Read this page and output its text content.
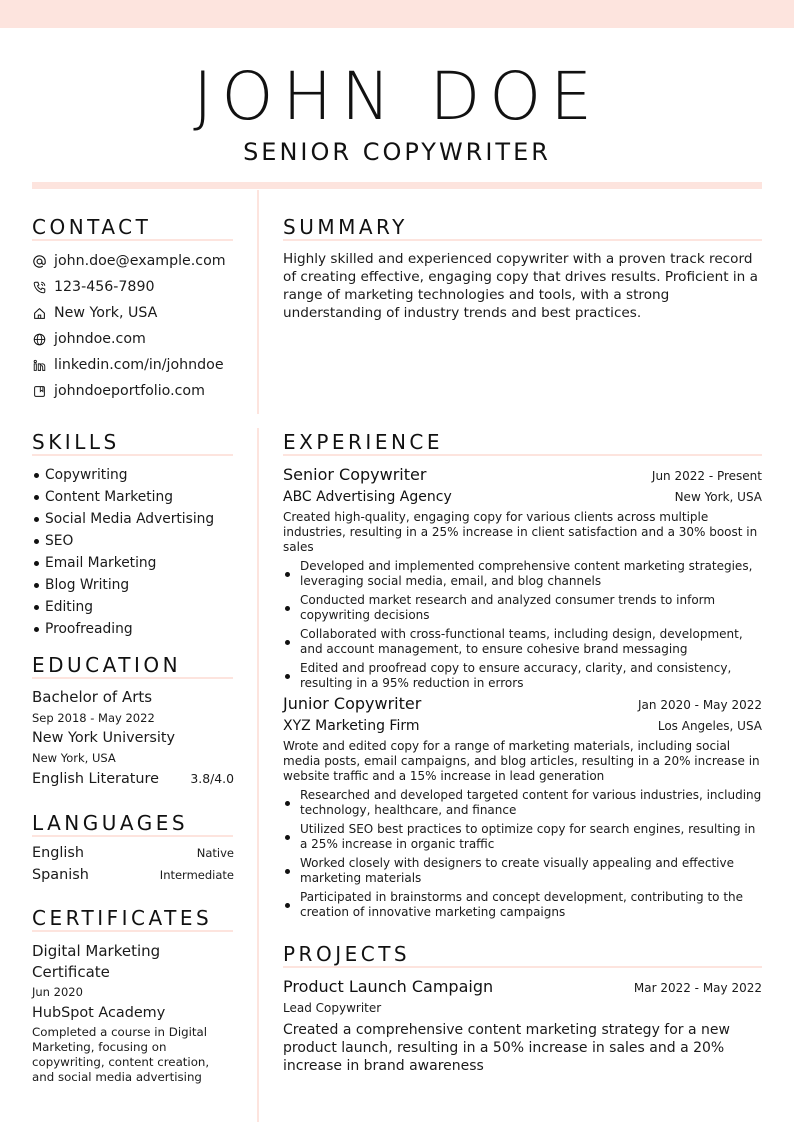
JOHN DOE
SENIOR COPYWRITER
CONTACT
john.doe@example.com
123-456-7890
New York, USA
johndoe.com
linkedin.com/in/johndoe
johndoeportfolio.com
SUMMARY

Highly skilled and experienced copywriter with a proven track record of creating effective, engaging copy that drives results. Proficient in a range of marketing technologies and tools, with a strong understanding of industry trends and best practices.

SKILLS
Copywriting
Content Marketing
Social Media Advertising
SEO
Email Marketing
Blog Writing
Editing
Proofreading
EDUCATION
Bachelor of Arts
Sep 2018 - May 2022
New York University
New York, USA
English Literature	3.8/4.0
LANGUAGES
English	Native
Spanish	Intermediate
CERTIFICATES
Digital Marketing Certificate
Jun 2020
HubSpot Academy
Completed a course in Digital Marketing, focusing on copywriting, content creation, and social media advertising
EXPERIENCE
Senior Copywriter	Jun 2022 - Present
ABC Advertising Agency	New York, USA

Created high-quality, engaging copy for various clients across multiple industries, resulting in a 25% increase in client satisfaction and a 30% boost in sales

Developed and implemented comprehensive content marketing strategies, leveraging social media, email, and blog channels
Conducted market research and analyzed consumer trends to inform copywriting decisions
Collaborated with cross-functional teams, including design, development, and account management, to ensure cohesive brand messaging
Edited and proofread copy to ensure accuracy, clarity, and consistency, resulting in a 95% reduction in errors
Junior Copywriter	Jan 2020 - May 2022
XYZ Marketing Firm	Los Angeles, USA

Wrote and edited copy for a range of marketing materials, including social media posts, email campaigns, and blog articles, resulting in a 20% increase in website traffic and a 15% increase in lead generation

Researched and developed targeted content for various industries, including technology, healthcare, and finance
Utilized SEO best practices to optimize copy for search engines, resulting in a 25% increase in organic traffic
Worked closely with designers to create visually appealing and effective marketing materials
Participated in brainstorms and concept development, contributing to the creation of innovative marketing campaigns
PROJECTS
Product Launch Campaign	Mar 2022 - May 2022
Lead Copywriter

Created a comprehensive content marketing strategy for a new product launch, resulting in a 50% increase in sales and a 20% increase in brand awareness
